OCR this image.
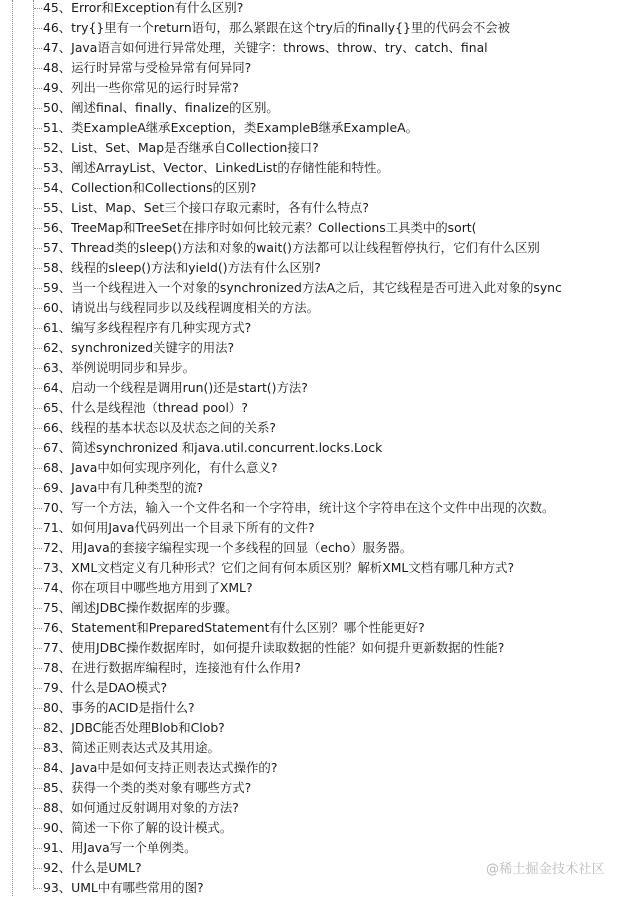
45、Error和Exception有什么区别?
46、try{}里有一个return语句，那么紧跟在这个try后的finally{}里的代码会不会被
47、Java语言如何进行异常处理，关键字：throws、throw、try、catch、final
48、运行时异常与受检异常有何异同?
49、列出一些你常见的运行时异常?
50、阐述final、finally、finalize的区别。
51、类ExampleA继承Exception，类ExampleB继承ExampleA。
52、List、Set、Map是否继承自Collection接口?
53、阐述ArrayList、Vector、LinkedList的存储性能和特性。
54、Collection和Collections的区别?
55、List、Map、Set三个接口存取元素时，各有什么特点?
56、TreeMap和TreeSet在排序时如何比较元素？Collections工具类中的sort(
57、Thread类的sleep()方法和对象的wait()方法都可以让线程暂停执行，它们有什么区别
58、线程的sleep()方法和yield()方法有什么区别?
59、当一个线程进入一个对象的synchronized方法A之后，其它线程是否可进入此对象的sync
60、请说出与线程同步以及线程调度相关的方法。
61、编写多线程程序有几种实现方式?
62、synchronized关键字的用法?
63、举例说明同步和异步。
64、启动一个线程是调用run()还是start()方法?
65、什么是线程池（thread pool）?
66、线程的基本状态以及状态之间的关系?
67、简述synchronized 和java.util.concurrent.locks.Lock
68、Java中如何实现序列化，有什么意义?
69、Java中有几种类型的流?
70、写一个方法，输入一个文件名和一个字符串，统计这个字符串在这个文件中出现的次数。
71、如何用Java代码列出一个目录下所有的文件?
72、用Java的套接字编程实现一个多线程的回显（echo）服务器。
73、XML文档定义有几种形式？它们之间有何本质区别？解析XML文档有哪几种方式?
74、你在项目中哪些地方用到了XML?
75、阐述JDBC操作数据库的步骤。
76、Statement和PreparedStatement有什么区别？哪个性能更好?
77、使用JDBC操作数据库时，如何提升读取数据的性能？如何提升更新数据的性能?
78、在进行数据库编程时，连接池有什么作用?
79、什么是DAO模式?
80、事务的ACID是指什么?
82、JDBC能否处理Blob和Clob?
83、简述正则表达式及其用途。
84、Java中是如何支持正则表达式操作的?
85、获得一个类的类对象有哪些方式?
88、如何通过反射调用对象的方法?
90、简述一下你了解的设计模式。
91、用Java写一个单例类。
92、什么是UML?
93、UML中有哪些常用的图?
@稀土掘金技术社区
